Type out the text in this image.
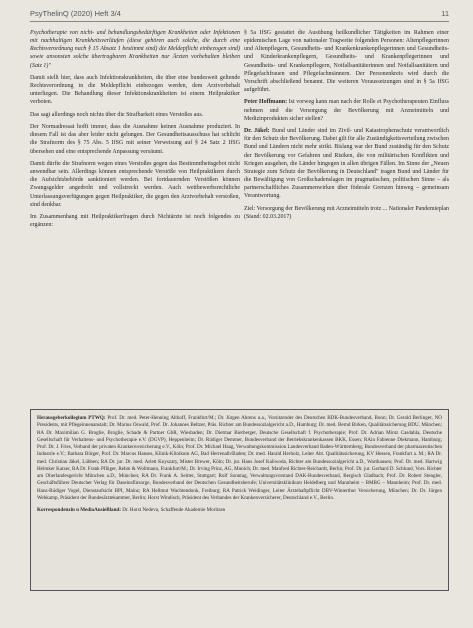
PsyThelinQ (2020) Heft 3/4	11

Psychotherapie von nicht- und behandlungsbedürftigen Krankheiten oder Infektionen mit nachhaltigen Krankheitsverläufen (diese gehören auch solche, die durch eine Rechtsverordnung nach § 15 Absatz 1 bestimmt sind) die Meldepflicht einbezogen sind) sowie ansonsten solche übertragbaren Krankheiten nur Ärzten vorbehalten bleiben (Satz 1)"

Damit stellt hier, dass auch Infektionskrankheiten, die über eine bundesweit geltende Rechtsverordnung in die Meldepflicht einbezogen werden, dem Arztvorbehalt unterliegen. Die Behandlung dieser Infektionskrankheiten ist einem Heilpraktiker verboten.

Das sagt allerdings noch nichts über die Strafbarkeit eines Verstoßes aus.

Der Normadressat hofft immer, dass die Ausnahme keinen Ausnahme produziert. In diesem Fall ist das aber leider nicht gelungen. Der Gesundheitsausschuss hat schlicht die Strafnorm des § 75 Abs. 5 IfSG mit seiner Verweisung auf § 24 Satz 2 IfSG übersehen und eine entsprechende Anpassung versäumt.

Damit dürfte die Strafnorm wegen eines Verstoßes gegen das Bestimmtheitsgebot nicht anwendbar sein. Allerdings können entsprechende Verstöße von Heilpraktikern durch die Aufsichtsbehörde sanktioniert werden. Bei fortdauernden Verstößen können Zwangsgelder angedroht und vollstreckt werden. Auch wettbewerbsrechtliche Unterlassungsverfügungen gegen Heilpraktiker, die gegen den Arztvorbehalt verstoßen, sind denkbar.

Im Zusammenhang mit Heilpraktikerfragen durch Nichtärzte ist noch folgendes zu ergänzen:

§ 5a IfSG gestattet die Ausübung heilkundlicher Tätigkeiten im Rahmen einer epidemischen Lage von nationaler Tragweite folgenden Personen: Altenpflegerinnen und Altenpflegern, Gesundheits- und Krankenkrankenpflegerinnen und Gesundheits- und Kinderkrankenpflegern, Gesundheits- und Krankenpflegerinnen und Gesundheits- und Krankenpflegern, Notfallsanitäterinnen und Notfallsanitätern und Pflegefachfrauen und Pflegefachmännern. Der Personenkreis wird durch die Vorschrift abschließend benannt. Die weiteren Voraussetzungen sind in § 5a IfSG aufgeführt.

Peter Hoffmann: Ist vorweg kann man nach der Rolle et Psychotherapeuten Einfluss nehmen und die Versorgung der Bevölkerung mit Arzneimitteln und Medizinprodukten sicher stellen?

Dr. Jäkel: Bund und Länder sind im Zivil- und Katastrophenschutz verantwortlich für den Schutz der Bevölkerung. Dabei gilt für alle Zuständigkeitsverteilung zwischen Bund und Ländern nicht mehr strikt. Bislang war der Bund zuständig für den Schutz der Bevölkerung vor Gefahren und Risiken, die von militärischen Konflikten und Kriegen ausgehen, die Länder hingegen in allen übrigen Fällen. Im Sinne der „Neuen Strategie zum Schutz der Bevölkerung in Deutschland" tragen Bund und Länder für die Bewältigung von Großschadenslagen im pragmatischen, politischen Sinne – als partnerschaftliches Zusammenwirken über föderale Grenzen hinweg – gemeinsam Verantwortung.

Ziel: Versorgung der Bevölkerung mit Arzneimitteln trotz ... Nationaler Pandemieplan (Stand: 02.03.2017)

Herausgeberkollegium PTWQ: Prof. Dr. med. Peter-Henning Althoff, Frankfurt/M.; Dr. Jürgen Ahrens u.a., Vorsitzender des Deutschen BDK-Bundesverband, Bonn; Dr. Gerald Berlinger, NO Presidents, mit Pflegeinnenanstalt; Dr. Marius Oswald, Prof. Dr. Johannes Beltzer, Präs. Richter am Bundessozialgericht a.D., Hamburg; Dr. med. Bernd Birken, Qualitätssicherung BDU, München; RA Dr. Maximilian G. Broglie, Broglie, Schade & Partner GbR, Wiesbaden; Dr. Dietmar Bierberger, Deutsche Gesellschaft f. Psychotherapie; Prof. Dr. Adrian Mintz Casdahla, Deutsche Gesellschaft für Verhaltens- und Psychotherapie e.V. (DGVP), Heppenheim; Dr. Rüdiger Demmer, Bundesverband der Betriebskrankenkassen BKK, Essen; RAin Fabienne Diekmann, Hamburg; Prof. Dr. J. Fries, Verband der privaten Krankenversicherung e.V., Köln; Prof. Dr. Michael Haag, Verwaltungskommission Landesverband Baden-Württemberg; Bundesverband der pharmazeutischen Industrie e.V.; Barbara Bürger, Prof. Dr. Marcus Hanses, Klinik-Klinikum AG, Bad Herrenalb/Baden; Dr. med. Harald Herholz, Leiter Abt. Qualitätssicherung, KV Hessen, Frankfurt a. M.; RA Dr. med. Christian Jäkel, Lübben; RA Dr. jur. Dr. med. Arlett Knyszaty, Mister Brewer, Köln; Dr. jur. Hans Josef Kaliwoda, Richter am Bundessozialgericht a.D., Warthausen; Prof. Dr. med. Hartwig Helmker Katzer, RA Dr. Frank Pflüger, Rehm & Wollmann, Frankfurt/M.; Dr. Irving Prinz, AG, Munich; Dr. med. Manfred Richter-Reichardt, Berlin; Prof. Dr. jur. Gerhard D. Schlund, Vors. Richter am Oberlandesgericht München a.D., München; RA Dr. Frank A. Seitter, Stuttgart; Rolf Sonntag, Verwaltungsvorstand DAK-Bundesverband, Bergisch Gladbach; Prof. Dr. Robert Stengler, Geschäftsführer Deutscher Verlag für Daseinsfürsorge, Bundesverband der Deutschen Gesundheitsberufe; Universitätsklinikum Heidelberg und Mannheim – BMBG – Mannheim; Prof. Dr. med. Hans-Rüdiger Vogel, Dienstaufsicht BPI, Mainz; RA Hellmut Wachtendonk, Freiburg; RA Patrick Weidinger, Leiter Ärztehaftpflicht DBV-Winterthur Versicherung, München; Dr. Dr. Jürgen Wehkamp, Präsident der Bundesärztekammer, Berlin; Horst Windisch, Präsident des Verbandes der Krankenversicherer, Deutschland e.V., Berlin.
Korrespondenzin u MediaAnsieBland: Dr. Horst Nedeva, Schaffende Akademie Moritzen
